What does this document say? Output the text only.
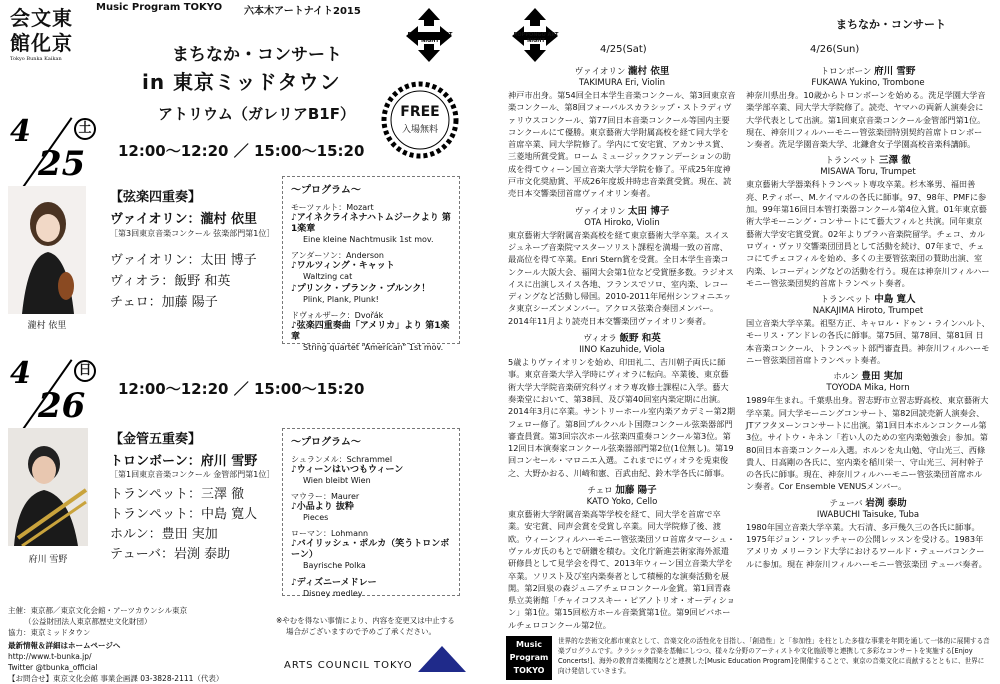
会文東館化京
Tokyo Bunka Kaikan
Music Program TOKYO 六本木アートナイト2015
ROPPONGO ART NIGHT
ROPPONGO ART NIGHT
まちなか・コンサート
in 東京ミッドタウン
アトリウム（ガレリアB1F）	FREE
入場無料
4
25
土
12:00〜12:20 ／ 15:00〜15:20
瀧村 依里
【弦楽四重奏】
ヴァイオリン：瀧村 依里
［第3回東京音楽コンクール 弦楽部門第1位］
ヴァイオリン：太田 博子
ヴィオラ：飯野 和英
チェロ：加藤 陽子
〜プログラム〜
モーツァルト：Mozart
♪アイネクライネナハトムジークより 第1楽章
Eine kleine Nachtmusik 1st mov.
アンダーソン：Anderson
♪ワルツィング・キャット
Waltzing cat
♪プリンク・プランク・プルンク！
Plink, Plank, Plunk!
ドヴォルザーク：Dvořák
♪弦楽四重奏曲「アメリカ」より 第1楽章
String quartet “American” 1st mov.
4
26
日
12:00〜12:20 ／ 15:00〜15:20
府川 雪野
【金管五重奏】
トロンボーン：府川 雪野
［第1回東京音楽コンクール 金管部門第1位］
トランペット：三澤 徹
トランペット：中島 寛人
ホルン：豊田 実加
テューバ：岩渕 泰助
〜プログラム〜
シュランメル：Schrammel
♪ウィーンはいつもウィーン
Wien bleibt Wien
マウラー：Maurer
♪小品より 抜粋
Pieces
ローマン：Lohmann
♪バイリッシュ・ポルカ（笑うトロンボーン）
Bayrische Polka
♪ディズニーメドレー
Disney medley
主催：東京都／東京文化会館・アーツカウンシル東京
（公益財団法人東京都歴史文化財団）
協力：東京ミッドタウン
最新情報＆詳細はホームページへ
http://www.t-bunka.jp/
Twitter @tbunka_official
【お問合せ】東京文化会館 事業企画課 03-3828-2111（代表）
※やむを得ない事情により、内容を変更又は中止する
場合がございますので予めご了承ください。
ARTS COUNCIL TOKYO
まちなか・コンサート
4/25(Sat)	4/26(Sun)
ヴァイオリン 瀧村 依里
TAKIMURA Eri, Violin
神戸市出身。第54回全日本学生音楽コンクール、第3回東京音楽コンクール、第8回フォーバルスカラシップ・ストラディヴァリウスコンクール、第77回日本音楽コンクール等国内主要コンクールにて優勝。東京藝術大学附属高校を経て同大学を首席卒業、同大学院修了。学内にて安宅賞、アカンサス賞、三菱地所賞受賞。ローム ミュージックファンデーションの助成を得てウィーン国立音楽大学大学院を修了。平成25年度神戸市文化奨励賞、平成26年度坂井時忠音楽賞受賞。現在、読売日本交響楽団首席ヴァイオリン奏者。
ヴァイオリン 太田 博子
OTA Hiroko, Violin
東京藝術大学附属音楽高校を経て東京藝術大学卒業。スイスジュネーブ音楽院マスターソリスト課程を満場一致の首席、最高位を得て卒業。Enri Stern賞を受賞。全日本学生音楽コンクール大阪大会、福岡大会第1位など受賞歴多数。ラジオスイスに出演しスイス各地、フランスでソロ、室内楽、レコーディングなど活動し帰国。2010-2011年尾州シンフォニエッタ東京シーズンメンバー。アクロス弦楽合奏団メンバー。2014年11月より読売日本交響楽団ヴァイオリン奏者。
ヴィオラ 飯野 和英
IINO Kazuhide, Viola
5歳よりヴァイオリンを始め、印田礼二、吉川朝子両氏に師事。東京音楽大学入学時にヴィオラに転向。卒業後、東京藝術大学大学院音楽研究科ヴィオラ専攻修士課程に入学。藝大奏楽堂において、第38回、及び第40回室内楽定期に出演。2014年3月に卒業。サントリーホール室内楽アカデミー第2期フェロー修了。第8回ブルクハルト国際コンクール弦楽器部門審査員賞。第3回宗次ホール弦楽四重奏コンクール第3位。第12回日本演奏家コンクール弦楽器部門第2位(1位無し)。第19回コンセール・マロニエ入選。これまでにヴィオラを兎束俊之、大野かおる、川崎和憲、百武由紀、鈴木学各氏に師事。
チェロ 加藤 陽子
KATO Yoko, Cello
東京藝術大学附属音楽高等学校を経て、同大学を首席で卒業。安宅賞、同声会賞を受賞し卒業。同大学院修了後、渡欧。ウィーンフィルハーモニー管弦楽団ソロ首席タマーシュ・ヴァルガ氏のもとで研鑽を積む。文化庁新進芸術家海外派遣研修員として見学会を得て、2013年ウィーン国立音楽大学を卒業。ソリスト及び室内楽奏者として積極的な演奏活動を展開。第2回泉の森ジュニアチェロコンクール金賞。第1回青森県立美術館「チャイコフスキー・ピアノトリオ・オーディション」第1位。第15回松方ホール音楽賞第1位。第9回ビバホールチェロコンクール第2位。
トロンボーン 府川 雪野
FUKAWA Yukino, Trombone
神奈川県出身。10歳からトロンボーンを始める。洗足学園大学音楽学部卒業、同大学大学院修了。読売、ヤマハの両新人演奏会に大学代表として出演。第1回東京音楽コンクール金管部門第1位。現在、神奈川フィルハーモニー管弦楽団特別契約首席トロンボーン奏者。洗足学園音楽大学、北鎌倉女子学園高校音楽科講師。
トランペット 三澤 徹
MISAWA Toru, Trumpet
東京藝術大学器楽科トランペット専攻卒業。杉木峯男、福田善亮、P.ティボー、M.ケイマルの各氏に師事。97、98年、PMFに参加。99年第16回日本管打楽器コンクール第4位入賞。01年東京藝術大学モーニング・コンサートにて藝大フィルと共演。同年東京藝術大学安宅賞受賞。02年よりプラハ音楽院留学。チェコ、カルロヴィ・ヴァリ交響楽団団員として活動を続け、07年まで、チェコにてチェコフィルを始め、多くの主要管弦楽団の賛助出演、室内楽、レコーディングなどの活動を行う。現在は神奈川フィルハーモニー管弦楽団契約首席トランペット奏者。
トランペット 中島 寛人
NAKAJIMA Hiroto, Trumpet
国立音楽大学卒業。祖堅方正、キャロル・ドゥン・ラインハルト、モーリス・アンドレの各氏に師事。第75回、第78回、第81回 日本音楽コンクール、トランペット部門審査員。神奈川フィルハーモニー管弦楽団首席トランペット奏者。
ホルン 豊田 実加
TOYODA Mika, Horn
1989年生まれ。千葉県出身。習志野市立習志野高校、東京藝術大学卒業。同大学モーニングコンサート、第82回読売新人演奏会、JTアフタヌーンコンサートに出演。第1回日本ホルンコンクール第3位。サイトウ・キネン「若い人のための室内楽勉強会」参加。第80回日本音楽コンクール入選。ホルンを丸山勉、守山光三、西條貴人、日高剛の各氏に、室内楽を稲川栄一、守山光三、河村幹子の各氏に師事。現在、神奈川フィルハーモニー管弦楽団首席ホルン奏者。Cor Ensemble VENUSメンバー。
テューバ 岩渕 泰助
IWABUCHI Taisuke, Tuba
1980年国立音楽大学卒業。大石清、多戸幾久三の各氏に師事。1975年ジョン・フレッチャーの公開レッスンを受ける。1983年アメリカ メリーランド大学におけるワールド・テューバコンクールに参加。現在 神奈川フィルハーモニー管弦楽団 テューバ奏者。
Music
Program
TOKYO
世界的な芸術文化都市東京として、音楽文化の活性化を目指し、「創造性」と「参加性」を柱とした多様な事業を年間を通して一体的に展開する音楽プログラムです。クラシック音楽を基軸にしつつ、様々な分野のアーティストや文化施設等と連携して多彩なコンサートを実施する[Enjoy Concerts!]、海外の教育音楽機関などと連携した[Music Education Program]を開催することで、東京の音楽文化に貢献するとともに、世界に向け発信していきます。
